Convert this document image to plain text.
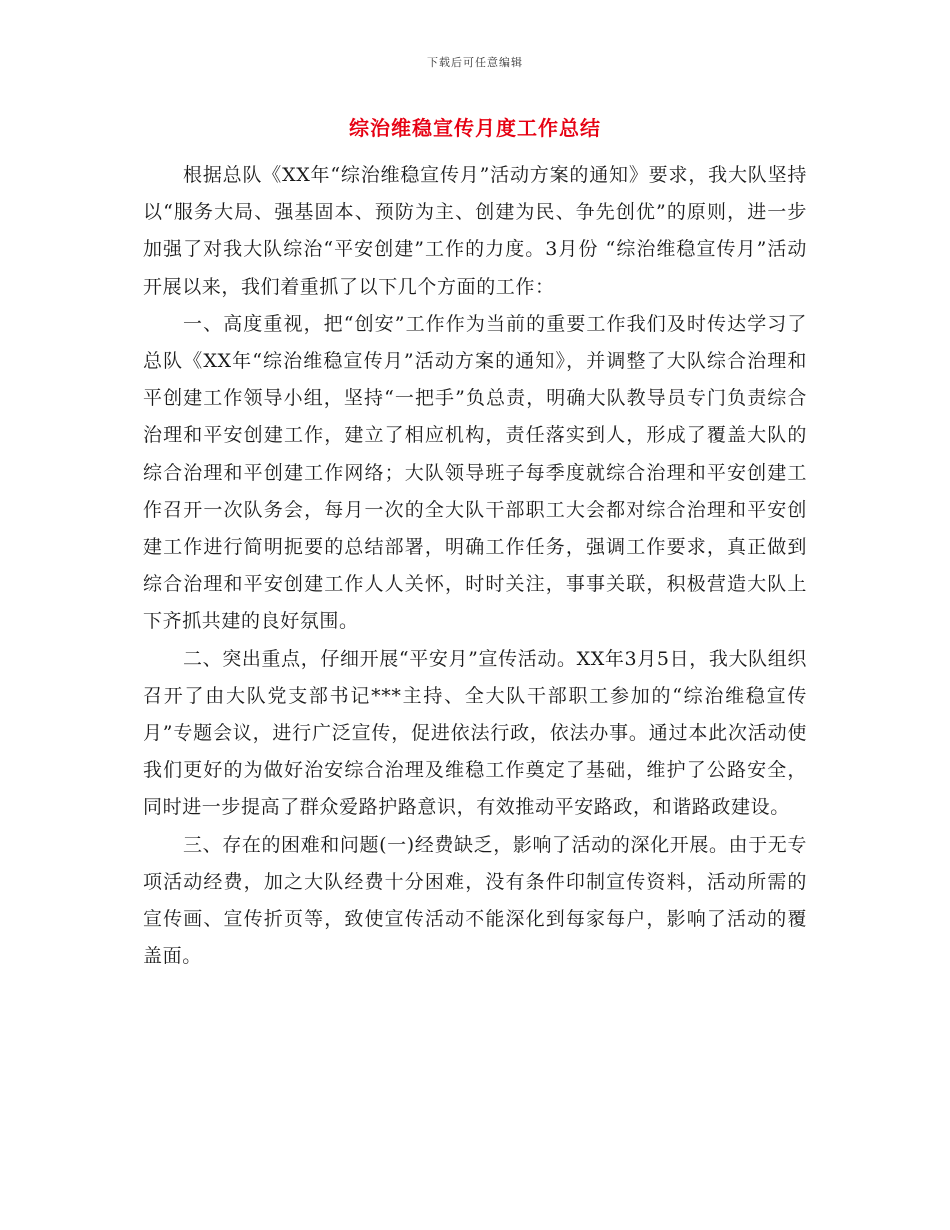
下载后可任意编辑
综治维稳宣传月度工作总结

根据总队《XX年“综治维稳宣传月”活动方案的通知》要求，我大队坚持以“服务大局、强基固本、预防为主、创建为民、争先创优”的原则，进一步加强了对我大队综治“平安创建”工作的力度。3月份 “综治维稳宣传月”活动开展以来，我们着重抓了以下几个方面的工作：

一、高度重视，把“创安”工作作为当前的重要工作我们及时传达学习了总队《XX年“综治维稳宣传月”活动方案的通知》，并调整了大队综合治理和平创建工作领导小组，坚持“一把手”负总责，明确大队教导员专门负责综合治理和平安创建工作，建立了相应机构，责任落实到人，形成了覆盖大队的综合治理和平创建工作网络；大队领导班子每季度就综合治理和平安创建工作召开一次队务会，每月一次的全大队干部职工大会都对综合治理和平安创建工作进行简明扼要的总结部署，明确工作任务，强调工作要求，真正做到综合治理和平安创建工作人人关怀，时时关注，事事关联，积极营造大队上下齐抓共建的良好氛围。

二、突出重点，仔细开展“平安月”宣传活动。XX年3月5日，我大队组织召开了由大队党支部书记***主持、全大队干部职工参加的“综治维稳宣传月”专题会议，进行广泛宣传，促进依法行政，依法办事。通过本此次活动使我们更好的为做好治安综合治理及维稳工作奠定了基础，维护了公路安全，同时进一步提高了群众爱路护路意识，有效推动平安路政，和谐路政建设。

三、存在的困难和问题(一)经费缺乏，影响了活动的深化开展。由于无专项活动经费，加之大队经费十分困难，没有条件印制宣传资料，活动所需的宣传画、宣传折页等，致使宣传活动不能深化到每家每户，影响了活动的覆盖面。
